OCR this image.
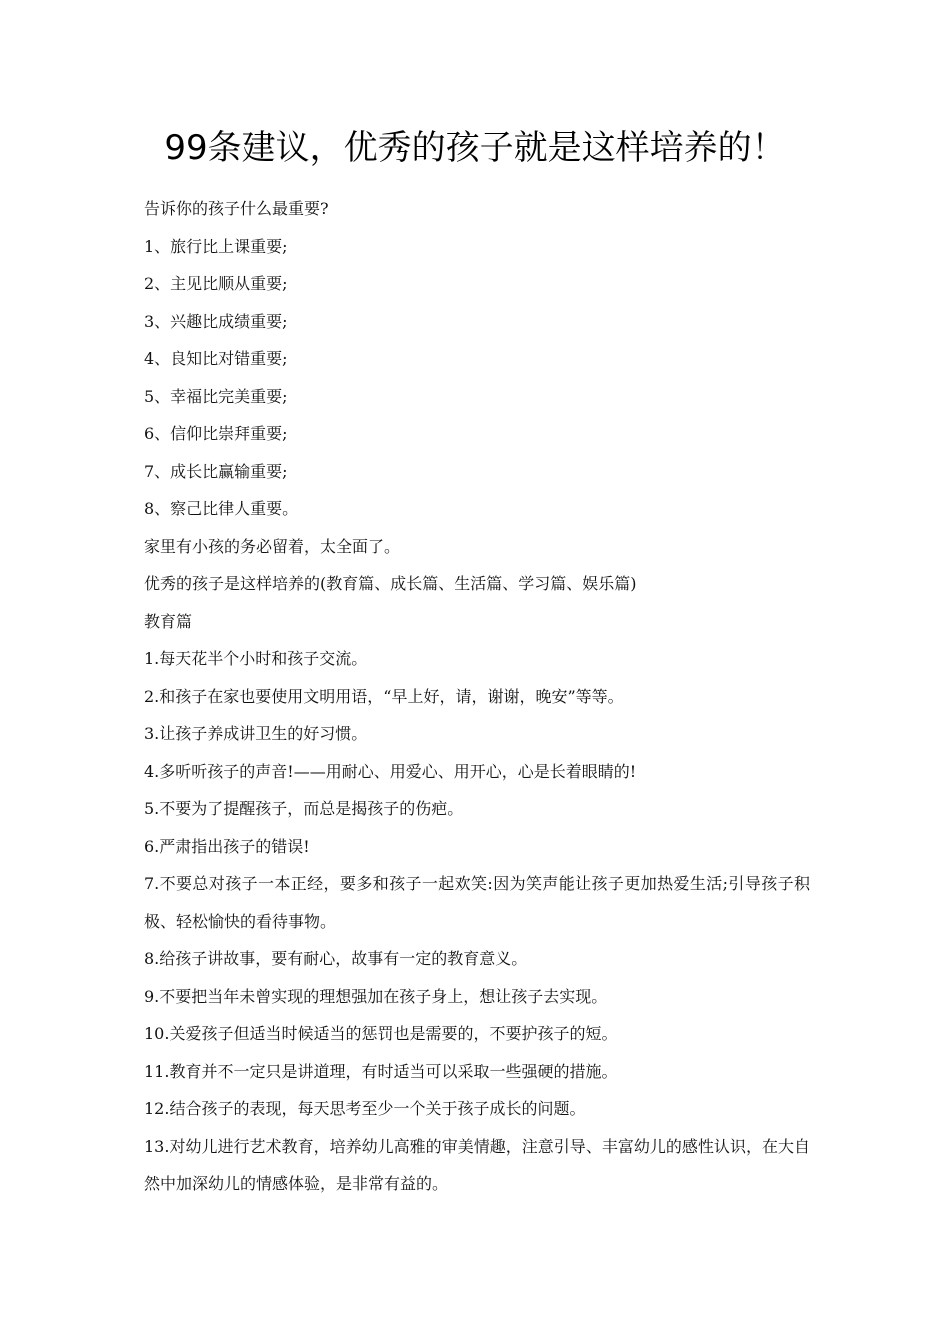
99条建议，优秀的孩子就是这样培养的！

告诉你的孩子什么最重要?

1、旅行比上课重要;

2、主见比顺从重要;

3、兴趣比成绩重要;

4、良知比对错重要;

5、幸福比完美重要;

6、信仰比崇拜重要;

7、成长比赢输重要;

8、察己比律人重要。

家里有小孩的务必留着，太全面了。

优秀的孩子是这样培养的(教育篇、成长篇、生活篇、学习篇、娱乐篇)

教育篇

1.每天花半个小时和孩子交流。

2.和孩子在家也要使用文明用语，“早上好，请，谢谢，晚安”等等。

3.让孩子养成讲卫生的好习惯。

4.多听听孩子的声音!——用耐心、用爱心、用开心，心是长着眼睛的!

5.不要为了提醒孩子，而总是揭孩子的伤疤。

6.严肃指出孩子的错误!

7.不要总对孩子一本正经，要多和孩子一起欢笑:因为笑声能让孩子更加热爱生活;引导孩子积极、轻松愉快的看待事物。

8.给孩子讲故事，要有耐心，故事有一定的教育意义。

9.不要把当年未曾实现的理想强加在孩子身上，想让孩子去实现。

10.关爱孩子但适当时候适当的惩罚也是需要的，不要护孩子的短。

11.教育并不一定只是讲道理，有时适当可以采取一些强硬的措施。

12.结合孩子的表现，每天思考至少一个关于孩子成长的问题。

13.对幼儿进行艺术教育，培养幼儿高雅的审美情趣，注意引导、丰富幼儿的感性认识，在大自然中加深幼儿的情感体验，是非常有益的。
